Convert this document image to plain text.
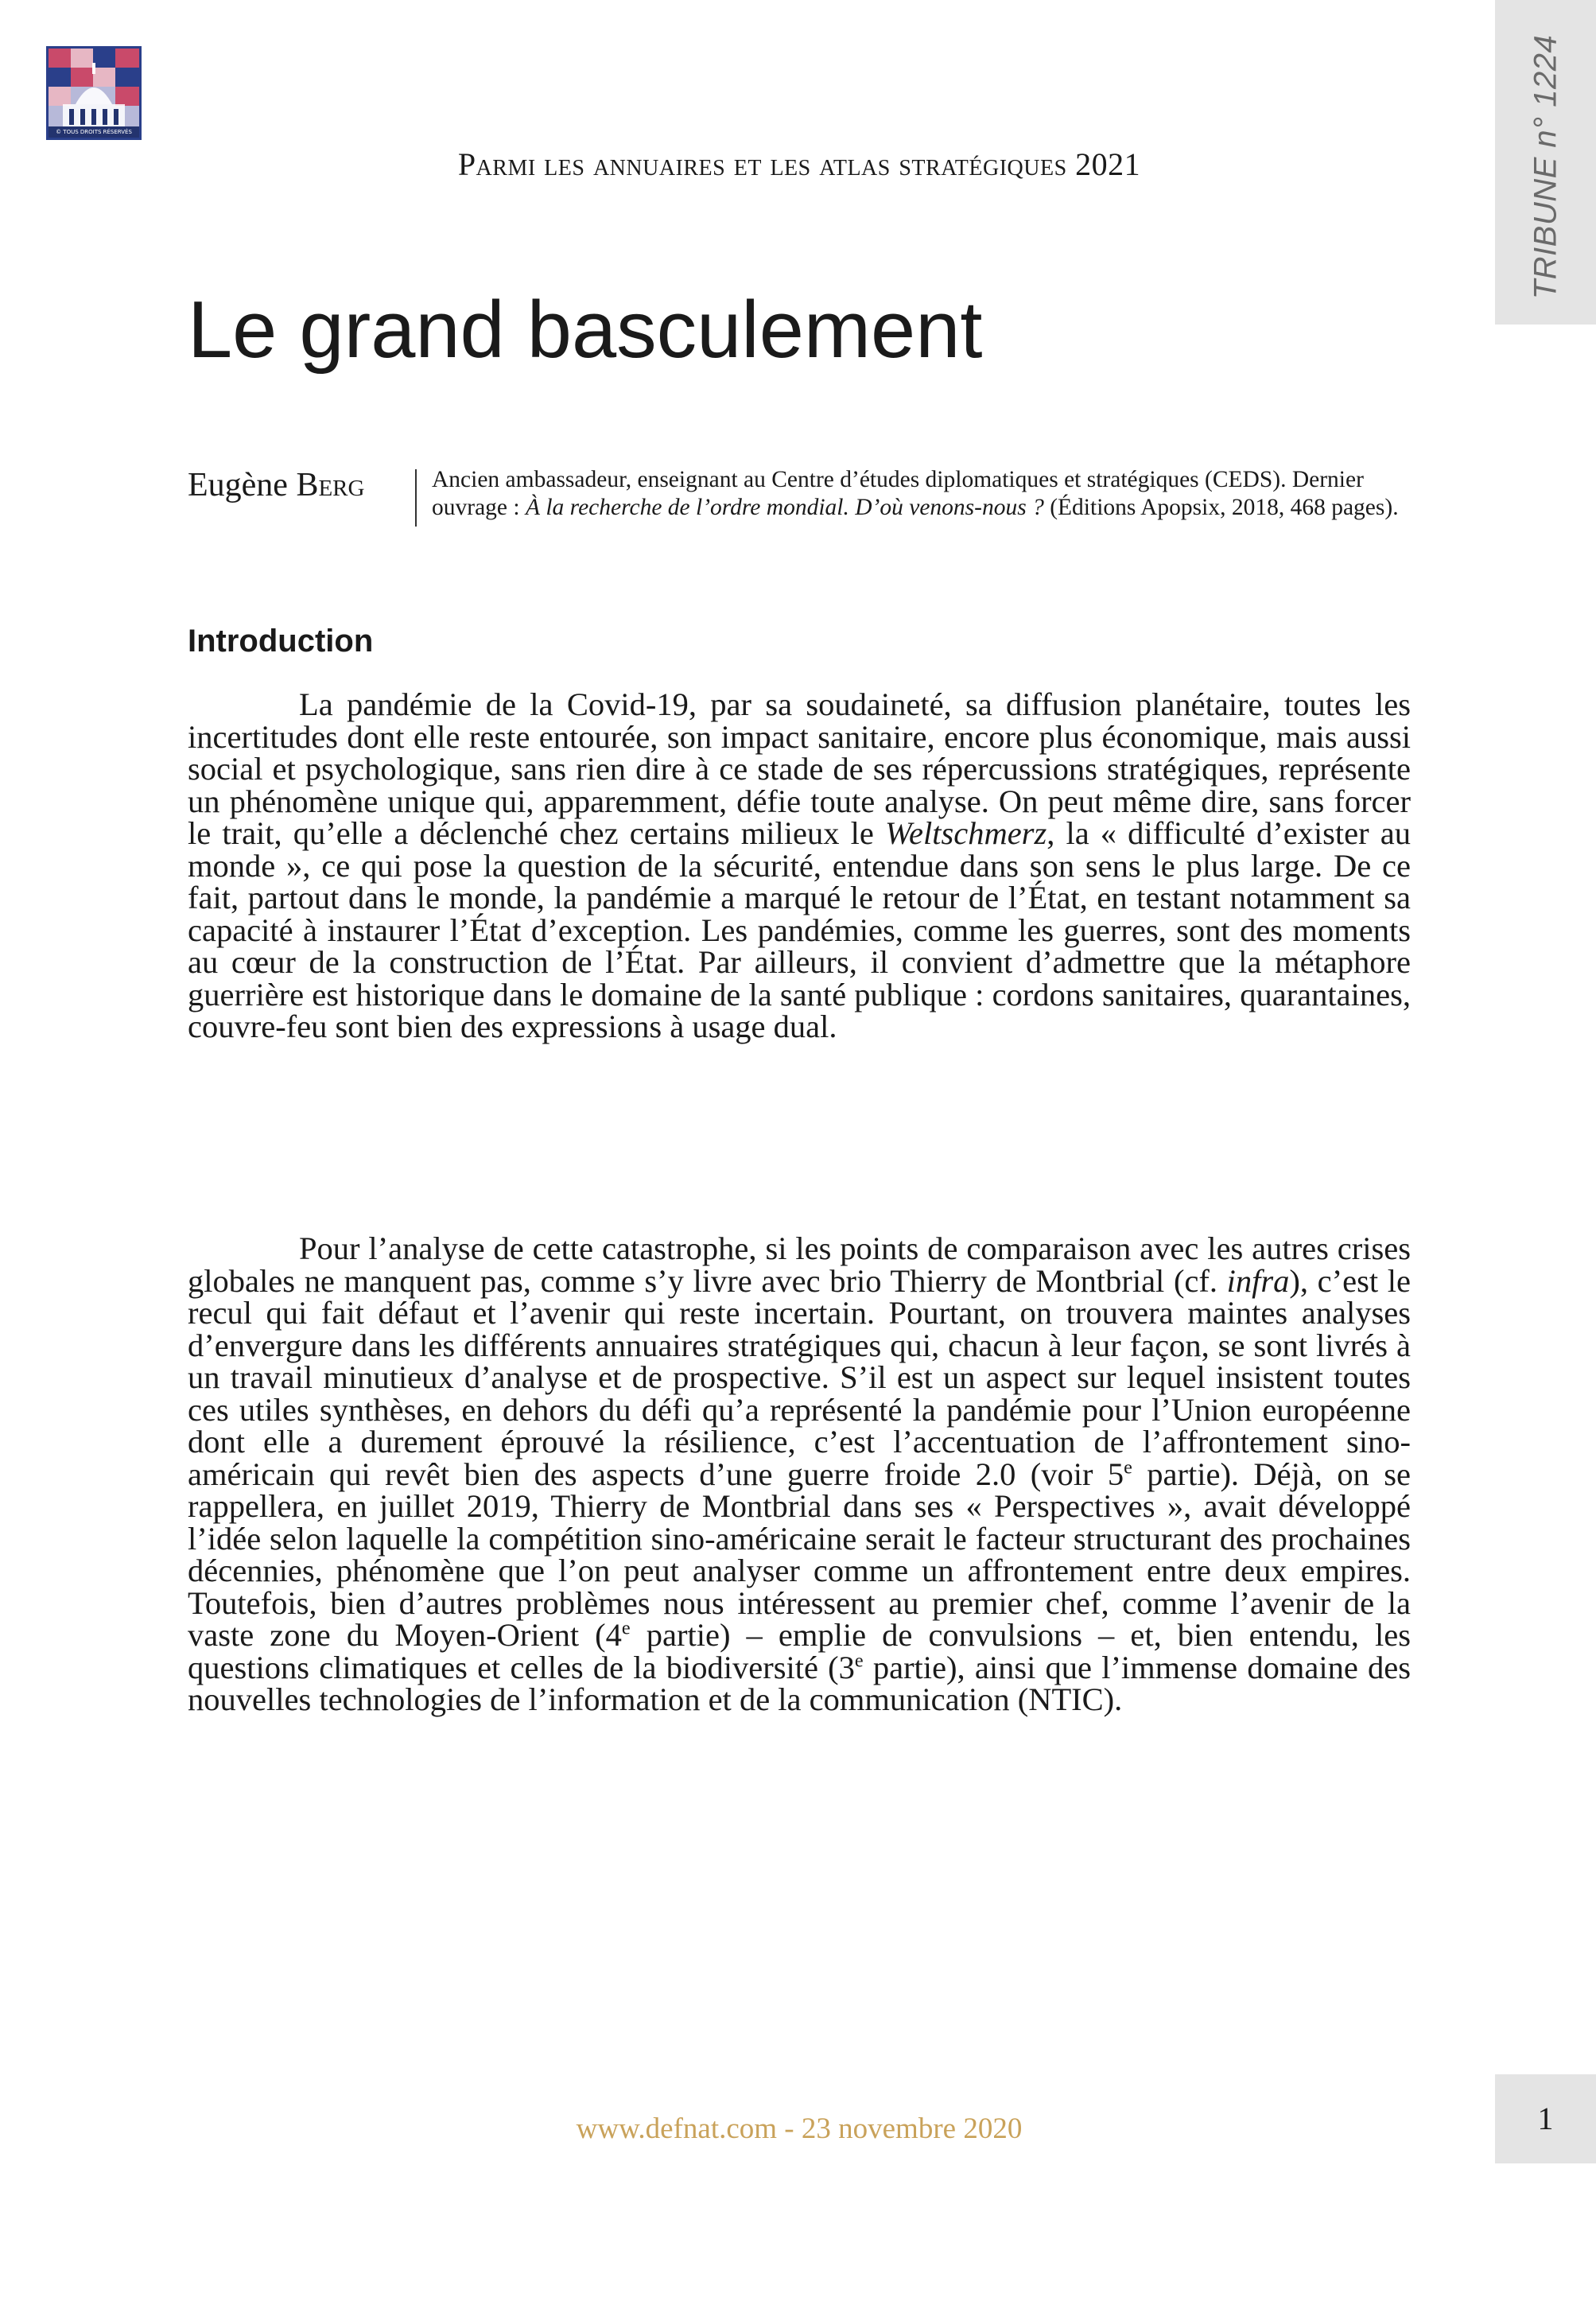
© TOUS DROITS RÉSERVÉS
Parmi les annuaires et les atlas stratégiques 2021	TRIBUNE n° 1224
Le grand basculement
Eugène Berg	Ancien ambassadeur, enseignant au Centre d’études diplomatiques et stratégiques (CEDS). Dernier ouvrage : À la recherche de l’ordre mondial. D’où venons-nous ? (Éditions Apopsix, 2018, 468 pages).
Introduction

La pandémie de la Covid-19, par sa soudaineté, sa diffusion planétaire, toutes les incertitudes dont elle reste entourée, son impact sanitaire, encore plus économique, mais aussi social et psychologique, sans rien dire à ce stade de ses répercussions stratégiques, représente un phénomène unique qui, apparemment, défie toute analyse. On peut même dire, sans forcer le trait, qu’elle a déclenché chez certains milieux le Weltschmerz, la « difficulté d’exister au monde », ce qui pose la question de la sécurité, entendue dans son sens le plus large. De ce fait, partout dans le monde, la pandémie a marqué le retour de l’État, en testant notamment sa capacité à instaurer l’État d’exception. Les pandémies, comme les guerres, sont des moments au cœur de la construction de l’État. Par ailleurs, il convient d’admettre que la métaphore guerrière est historique dans le domaine de la santé publique : cordons sanitaires, quarantaines, couvre-feu sont bien des expressions à usage dual.

Pour l’analyse de cette catastrophe, si les points de comparaison avec les autres crises globales ne manquent pas, comme s’y livre avec brio Thierry de Montbrial (cf. infra), c’est le recul qui fait défaut et l’avenir qui reste incertain. Pourtant, on trouvera maintes analyses d’envergure dans les différents annuaires stratégiques qui, chacun à leur façon, se sont livrés à un travail minutieux d’analyse et de prospective. S’il est un aspect sur lequel insistent toutes ces utiles synthèses, en dehors du défi qu’a représenté la pandémie pour l’Union européenne dont elle a durement éprouvé la résilience, c’est l’accentuation de l’affrontement sino-américain qui revêt bien des aspects d’une guerre froide 2.0 (voir 5e partie). Déjà, on se rappellera, en juillet 2019, Thierry de Montbrial dans ses « Perspectives », avait développé l’idée selon laquelle la compétition sino-américaine serait le facteur structurant des prochaines décennies, phénomène que l’on peut analyser comme un affrontement entre deux empires. Toutefois, bien d’autres problèmes nous intéressent au premier chef, comme l’avenir de la vaste zone du Moyen-Orient (4e partie) – emplie de convulsions – et, bien entendu, les questions climatiques et celles de la biodiversité (3e partie), ainsi que l’immense domaine des nouvelles technologies de l’information et de la communication (NTIC).

www.defnat.com - 23 novembre 2020	1
